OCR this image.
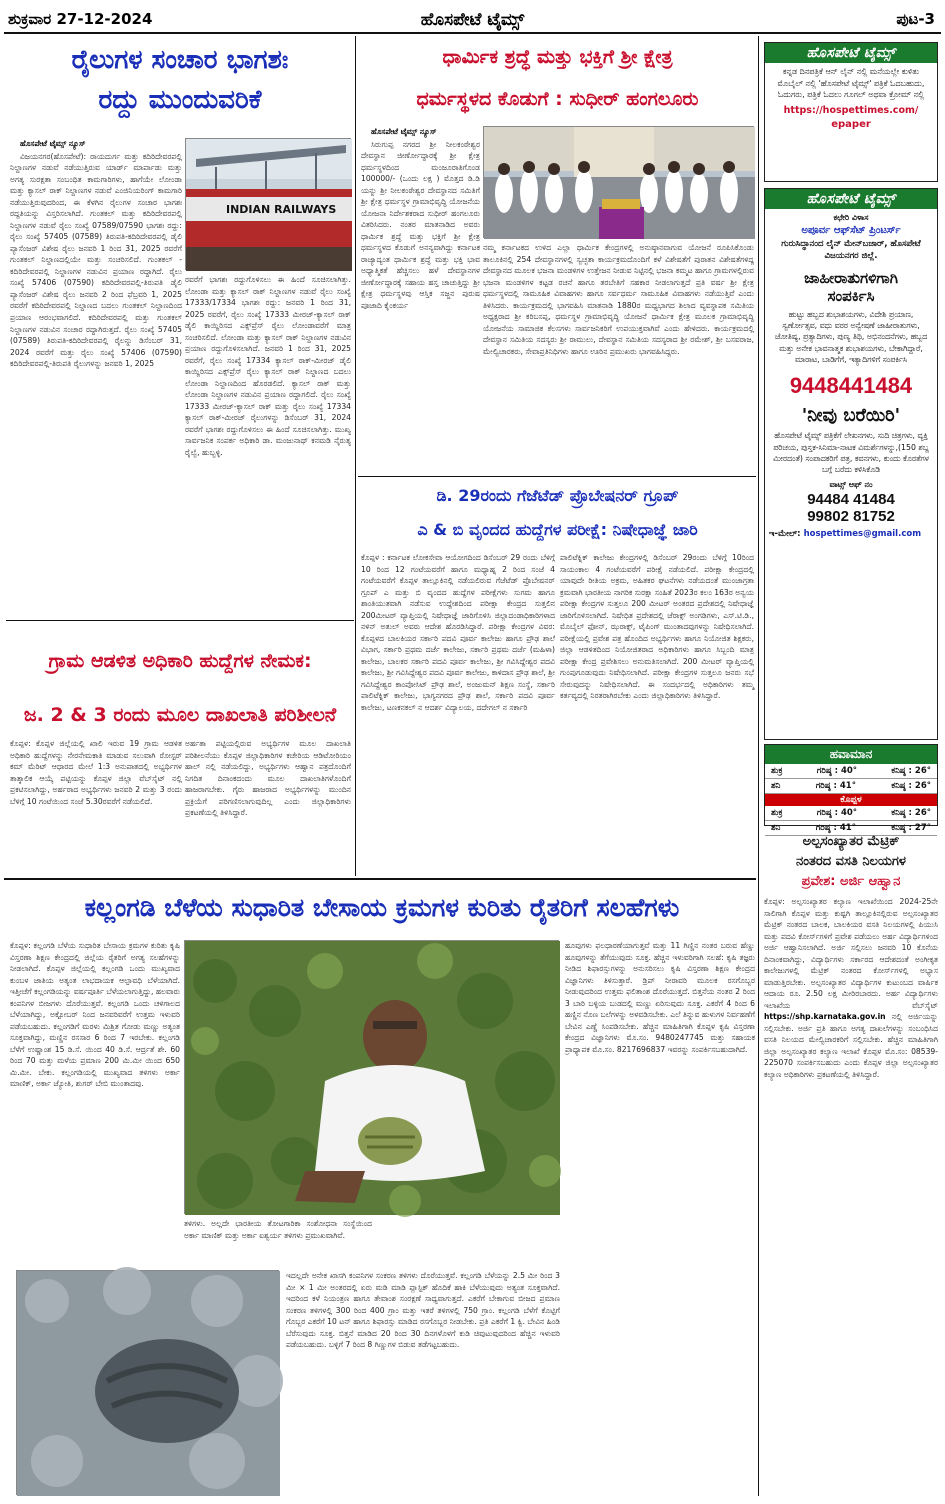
ಶುಕ್ರವಾರ 27-12-2024	ಹೊಸಪೇಟೆ ಟೈಮ್ಸ್	ಪುಟ-3
ರೈಲುಗಳ ಸಂಚಾರ ಭಾಗಶಃ
ರದ್ದು ಮುಂದುವರಿಕೆ
INDIAN RAILWAYS

ಹೊಸಪೇಟೆ ಟೈಮ್ಸ್ ನ್ಯೂಸ್

ವಿಜಯನಗರ(ಹೊಸಪೇಟೆ): ರಾಯದುರ್ಗ ಮತ್ತು ಕದಿರಿದೇವರಪಲ್ಲಿ ನಿಲ್ದಾಣಗಳ ನಡುವೆ ನಡೆಯುತ್ತಿರುವ ಯಾರ್ಡ್ ಮಾರ್ಪಾಡು ಮತ್ತು ಅಗತ್ಯ ಸುರಕ್ಷತಾ ಸಂಬಂಧಿತ ಕಾಮಗಾರಿಗಳು, ಹಾಗೆಯೇ ಲೋಂಡಾ ಮತ್ತು ಕ್ಯಾಸಲ್ ರಾಕ್ ನಿಲ್ದಾಣಗಳ ನಡುವೆ ಎಂಜಿನಿಯರಿಂಗ್ ಕಾಮಗಾರಿ ನಡೆಯುತ್ತಿರುವುದರಿಂದ, ಈ ಕೆಳಗಿನ ರೈಲುಗಳ ಸಂಚಾರ ಭಾಗಶಃ ರದ್ದತಿಯನ್ನು ವಿಸ್ತರಿಸಲಾಗಿದೆ. ಗುಂತಕಲ್ ಮತ್ತು ಕದಿರಿದೇವರಪಲ್ಲಿ ನಿಲ್ದಾಣಗಳ ನಡುವೆ ರೈಲು ಸಂಖ್ಯೆ 07589/07590 ಭಾಗಶಃ ರದ್ದು: ರೈಲು ಸಂಖ್ಯೆ 57405 (07589) ತಿರುಪತಿ-ಕದಿರಿದೇವರಪಲ್ಲಿ ಡೈಲಿ ಪ್ಯಾಸೆಂಜರ್ ವಿಶೇಷ ರೈಲು ಜನವರಿ 1 ರಿಂದ 31, 2025 ರವರೆಗೆ ಗುಂತಕಲ್ ನಿಲ್ದಾಣದಲ್ಲಿಯೇ ಮತ್ತು ಸಂಚರಿಸಲಿದೆ. ಗುಂತಕಲ್ - ಕದಿರಿದೇವರಪಲ್ಲಿ ನಿಲ್ದಾಣಗಳ ನಡುವಿನ ಪ್ರಯಾಣ ರದ್ದಾಗಿದೆ. ರೈಲು ಸಂಖ್ಯೆ 57406 (07590) ಕದಿರಿದೇವರಪಲ್ಲಿ-ತಿರುಪತಿ ಡೈಲಿ ಪ್ಯಾಸೆಂಜರ್ ವಿಶೇಷ ರೈಲು ಜನವರಿ 2 ರಿಂದ ಫೆಬ್ರವರಿ 1, 2025 ರವರೆಗೆ ಕದಿರಿದೇವರಪಲ್ಲಿ ನಿಲ್ದಾಣದ ಬದಲು ಗುಂತಕಲ್ ನಿಲ್ದಾಣದಿಂದ ಪ್ರಯಾಣ ಆರಂಭವಾಗಲಿದೆ. ಕದಿರಿದೇವರಪಲ್ಲಿ ಮತ್ತು ಗುಂತಕಲ್ ನಿಲ್ದಾಣಗಳ ನಡುವಿನ ಸಂಚಾರ ರದ್ದಾಗಿರುತ್ತದೆ. ರೈಲು ಸಂಖ್ಯೆ 57405 (07589) ತಿರುಪತಿ-ಕದಿರಿದೇವರಪಲ್ಲಿ ರೈಲನ್ನು ಡಿಸೆಂಬರ್ 31, 2024 ರವರೆಗೆ ಮತ್ತು ರೈಲು ಸಂಖ್ಯೆ 57406 (07590) ಕದಿರಿದೇವರಪಲ್ಲಿ-ತಿರುಪತಿ ರೈಲುಗಳನ್ನು ಜನವರಿ 1, 2025

ರವರೆಗೆ ಭಾಗಶಃ ರದ್ದುಗೊಳಿಸಲು ಈ ಹಿಂದೆ ಸೂಚಿಸಲಾಗಿತ್ತು. ಲೋಂಡಾ ಮತ್ತು ಕ್ಯಾಸಲ್ ರಾಕ್ ನಿಲ್ದಾಣಗಳ ನಡುವೆ ರೈಲು ಸಂಖ್ಯೆ 17333/17334 ಭಾಗಶಃ ರದ್ದು: ಜನವರಿ 1 ರಿಂದ 31, 2025 ರವರೆಗೆ, ರೈಲು ಸಂಖ್ಯೆ 17333 ಮೀರಜ್-ಕ್ಯಾಸಲ್ ರಾಕ್ ಡೈಲಿ ಕಾಯ್ದಿರಿಸದ ಎಕ್ಸ್‌ಪ್ರೆಸ್ ರೈಲು ಲೋಂಡಾವರೆಗೆ ಮಾತ್ರ ಸಂಚರಿಸಲಿದೆ. ಲೋಂಡಾ ಮತ್ತು ಕ್ಯಾಸಲ್ ರಾಕ್ ನಿಲ್ದಾಣಗಳ ನಡುವಿನ ಪ್ರಯಾಣ ರದ್ದುಗೊಳಿಸಲಾಗಿದೆ. ಜನವರಿ 1 ರಿಂದ 31, 2025 ರವರೆಗೆ, ರೈಲು ಸಂಖ್ಯೆ 17334 ಕ್ಯಾಸಲ್ ರಾಕ್-ಮೀರಜ್ ಡೈಲಿ ಕಾಯ್ದಿರಿಸದ ಎಕ್ಸ್‌ಪ್ರೆಸ್ ರೈಲು ಕ್ಯಾಸಲ್ ರಾಕ್ ನಿಲ್ದಾಣದ ಬದಲು ಲೋಂಡಾ ನಿಲ್ದಾಣದಿಂದ ಹೊರಡಲಿದೆ. ಕ್ಯಾಸಲ್ ರಾಕ್ ಮತ್ತು ಲೋಂಡಾ ನಿಲ್ದಾಣಗಳ ನಡುವಿನ ಪ್ರಯಾಣ ರದ್ದಾಗಲಿದೆ. ರೈಲು ಸಂಖ್ಯೆ 17333 ಮೀರಜ್-ಕ್ಯಾಸಲ್ ರಾಕ್ ಮತ್ತು ರೈಲು ಸಂಖ್ಯೆ 17334 ಕ್ಯಾಸಲ್ ರಾಕ್-ಮೀರಜ್ ರೈಲುಗಳನ್ನು ಡಿಸೆಂಬರ್ 31, 2024 ರವರೆಗೆ ಭಾಗಶಃ ರದ್ದುಗೊಳಿಸಲು ಈ ಹಿಂದೆ ಸೂಚಿಸಲಾಗಿತ್ತು. ಮುಖ್ಯ ಸಾರ್ವಜನಿಕ ಸಂಪರ್ಕ ಅಧಿಕಾರಿ ಡಾ. ಮಂಜುನಾಥ್ ಕನಮಡಿ ನೈರುತ್ಯ ರೈಲ್ವೆ, ಹುಬ್ಬಳ್ಳಿ.
ಗ್ರಾಮ ಆಡಳಿತ ಅಧಿಕಾರಿ ಹುದ್ದೆಗಳ ನೇಮಕ:
ಜ. 2 & 3 ರಂದು ಮೂಲ ದಾಖಲಾತಿ ಪರಿಶೀಲನೆ
ಕೊಪ್ಪಳ: ಕೊಪ್ಪಳ ಜಿಲ್ಲೆಯಲ್ಲಿ ಖಾಲಿ ಇರುವ 19 ಗ್ರಾಮ ಆಡಳಿತ ಅಧಿಕಾರಿ ಹುದ್ದೆಗಳನ್ನು ನೇರನೇಮಕಾತಿ ಮಾಡುವ ಸಲುವಾಗಿ ರೋಸ್ಟರ್ ಕಮ್ ಮೆರಿಟ್ ಆಧಾರದ ಮೇಲೆ 1:3 ಅನುಪಾತದಲ್ಲಿ ಅಭ್ಯರ್ಥಿಗಳ ತಾತ್ಕಾಲಿಕ ಆಯ್ಕೆ ಪಟ್ಟಿಯನ್ನು ಕೊಪ್ಪಳ ಜಿಲ್ಲಾ ವೆಬ್‌ಸೈಟ್ ನಲ್ಲಿ ಪ್ರಕಟಿಸಲಾಗಿದ್ದು, ಅರ್ಹರಾದ ಅಭ್ಯರ್ಥಿಗಳು ಜನವರಿ 2 ಮತ್ತು 3 ರಂದು ಬೆಳಿಗ್ಗೆ 10 ಗಂಟೆಯಿಂದ ಸಂಜೆ 5.30ರವರೆಗೆ ನಡೆಯಲಿದೆ.
ಅರ್ಹತಾ ಪಟ್ಟಿಯಲ್ಲಿರುವ ಅಭ್ಯರ್ಥಿಗಳ ಮೂಲ ದಾಖಲಾತಿ ಪರಿಶೀಲನೆಯು ಕೊಪ್ಪಳ ಜಿಲ್ಲಾಧಿಕಾರಿಗಳ ಕಚೇರಿಯ ಆಡಿಟೋರಿಯಂ ಹಾಲ್ ನಲ್ಲಿ ನಡೆಯಲಿದ್ದು, ಅಭ್ಯರ್ಥಿಗಳು ಆಹ್ವಾನ ಪತ್ರದೊಂದಿಗೆ ನಿಗದಿತ ದಿನಾಂಕದಂದು ಮೂಲ ದಾಖಲಾತಿಗಳೊಂದಿಗೆ ಹಾಜರಾಗಬೇಕು. ಗೈರು ಹಾಜರಾದ ಅಭ್ಯರ್ಥಿಗಳನ್ನು ಮುಂದಿನ ಪ್ರಕ್ರಿಯೆಗೆ ಪರಿಗಣಿಸಲಾಗುವುದಿಲ್ಲ ಎಂದು ಜಿಲ್ಲಾಧಿಕಾರಿಗಳು ಪ್ರಕಟಣೆಯಲ್ಲಿ ತಿಳಿಸಿದ್ದಾರೆ.
ಧಾರ್ಮಿಕ ಶ್ರದ್ಧೆ ಮತ್ತು ಭಕ್ತಿಗೆ ಶ್ರೀ ಕ್ಷೇತ್ರ
ಧರ್ಮಸ್ಥಳದ ಕೊಡುಗೆ : ಸುಧೀರ್ ಹಂಗಲೂರು

ಹೊಸಪೇಟೆ ಟೈಮ್ಸ್ ನ್ಯೂಸ್

ಸಿರುಗುಪ್ಪ ನಗರದ ಶ್ರೀ ನೀಲಕಂಠೇಶ್ವರ ದೇವಸ್ಥಾನ ಜೀರ್ಣೋದ್ಧಾರಕ್ಕೆ ಶ್ರೀ ಕ್ಷೇತ್ರ ಧರ್ಮಸ್ಥಳದಿಂದ ಮಂಜೂರಾತಿಗೊಂಡ 100000/- (ಒಂದು ಲಕ್ಷ ) ಮೊತ್ತದ ಡಿ.ಡಿ ಯನ್ನು ಶ್ರೀ ನೀಲಕಂಠೇಶ್ವರ ದೇವಸ್ಥಾನದ ಸಮಿತಿಗೆ ಶ್ರೀ ಕ್ಷೇತ್ರ ಧರ್ಮಸ್ಥಳ ಗ್ರಾಮಾಭಿವೃದ್ಧಿ ಯೋಜನೆಯ ಯೋಜನಾ ನಿರ್ದೇಶಕರಾದ ಸುಧೀರ್ ಹಂಗಲೂರು ವಿತರಿಸಿದರು. ನಂತರ ಮಾತನಾಡಿದ ಅವರು ಧಾರ್ಮಿಕ ಶ್ರದ್ಧೆ ಮತ್ತು ಭಕ್ತಿಗೆ ಶ್ರೀ ಕ್ಷೇತ್ರ ಧರ್ಮಸ್ಥಳದ ಕೊಡುಗೆ ಅನನ್ಯವಾಗಿದ್ದು ಕರ್ನಾಟಕ ರಾಜ್ಯಾದ್ಯಂತ ಧಾರ್ಮಿಕ ಶ್ರದ್ಧೆ ಮತ್ತು ಭಕ್ತಿ ಭಾವ ಅಧ್ಯಾತ್ಮಿಕತೆ ಹೆಚ್ಚಿಸಲು ಹಳೆ ದೇವಸ್ಥಾನಗಳ ಜೀರ್ಣೋದ್ಧಾರಕ್ಕೆ ಸಹಾಯ ಹಸ್ತ ಚಾಚುತ್ತಿದ್ದು ಶ್ರೀ ಕ್ಷೇತ್ರ ಧರ್ಮಸ್ಥಳವು ಆಸ್ತಿಕ ಸಜ್ಜನ ಪುರುಷ ಪೂಜಾದಿ ಕೈಂಕರ್ಯ

ನಮ್ಮ ಕರ್ನಾಟಕದ ಉಳಿದ ಎಲ್ಲಾ ಧಾರ್ಮಿಕ ಕೇಂದ್ರಗಳಲ್ಲಿ ಅನುಷ್ಠಾನವಾಗುವ ಯೋಜನೆ ರೂಪಿಸಿಕೊಂಡು ತಾಲೂಕಿನಲ್ಲಿ 254 ದೇವಸ್ಥಾನಗಳಲ್ಲಿ ಸ್ವಚ್ಛತಾ ಕಾರ್ಯಕ್ರಮದೊಂದಿಗೆ ಕಳೆ ವಿಶೇಷತೆಗೆ ಪುರಾತನ ವಿಶೇಷತೆಗಳಿದ್ದ ದೇವಸ್ಥಾನದ ಮೂಲಕ ಭಜನಾ ಮಂಡಳಿಗಳ ಉತ್ತೇಜನ ನೀಡುವ ನಿಟ್ಟಿನಲ್ಲಿ ಭಜನಾ ಕಮ್ಮಟ ಹಾಗೂ ಗ್ರಾಮಗಳಲ್ಲಿರುವ ಭಜನಾ ಮಂಡಳಿಗಳ ಕಟ್ಟಡ ರಚನೆ ಹಾಗೂ ತರಬೇತಿಗೆ ಸಹಕಾರ ನೀಡಲಾಗುತ್ತದೆ ಪ್ರತಿ ವರ್ಷ ಶ್ರೀ ಕ್ಷೇತ್ರ ಧರ್ಮಸ್ಥಳದಲ್ಲಿ ಸಾಮೂಹಿಕ ವಿವಾಹಗಳು ಹಾಗೂ ಸರ್ವಧರ್ಮ ಸಾಮೂಹಿಕ ವಿವಾಹಗಳು ನಡೆಯುತ್ತಿವೆ ಎಂದು ತಿಳಿಸಿದರು. ಕಾರ್ಯಕ್ರಮದಲ್ಲಿ ಭಾಗವಹಿಸಿ ಮಾತನಾಡಿ 1880ರ ಮಧ್ಯಭಾಗದ ಶಿಲಾದ ವ್ಯವಸ್ಥಾಪಕ ಸಮಿತಿಯ ಅಧ್ಯಕ್ಷರಾದ ಶ್ರೀ ಕರಿಬಸಪ್ಪ, ಧರ್ಮಸ್ಥಳ ಗ್ರಾಮಾಭಿವೃದ್ಧಿ ಯೋಜನೆ ಧಾರ್ಮಿಕ ಕ್ಷೇತ್ರ ಮೂಲಕ ಗ್ರಾಮಾಭಿವೃದ್ಧಿ ಯೋಜನೆಯ ಸಾಮಾಜಿಕ ಕೆಲಸಗಳು ಸಾರ್ವಜನಿಕರಿಗೆ ಉಪಯುಕ್ತವಾಗಿವೆ ಎಂದು ಹೇಳಿದರು. ಕಾರ್ಯಕ್ರಮದಲ್ಲಿ ದೇವಸ್ಥಾನ ಸಮಿತಿಯ ಸದಸ್ಯರು ಶ್ರೀ ರಾಮುಲು, ದೇವಸ್ಥಾನ ಸಮಿತಿಯ ಸದಸ್ಯರಾದ ಶ್ರೀ ರಮೇಶ್, ಶ್ರೀ ಬಸವರಾಜ, ಮೇಲ್ವಿಚಾರಕರು, ಸೇವಾಪ್ರತಿನಿಧಿಗಳು ಹಾಗೂ ಊರಿನ ಪ್ರಮುಖರು ಭಾಗವಹಿಸಿದ್ದರು.
ಡಿ. 29ರಂದು ಗೆಜೆಟೆಡ್ ಪ್ರೊಬೇಷನರ್ ಗ್ರೂಪ್
ಎ & ಬಿ ವೃಂದದ ಹುದ್ದೆಗಳ ಪರೀಕ್ಷೆ: ನಿಷೇಧಾಜ್ಞೆ ಜಾರಿ
ಕೊಪ್ಪಳ : ಕರ್ನಾಟಕ ಲೋಕಸೇವಾ ಆಯೋಗದಿಂದ ಡಿಸೆಂಬರ್ 29 ರಂದು ಬೆಳಿಗ್ಗೆ 10 ರಿಂದ 12 ಗಂಟೆಯವರೆಗೆ ಹಾಗೂ ಮಧ್ಯಾಹ್ನ 2 ರಿಂದ ಸಂಜೆ 4 ಗಂಟೆಯವರೆಗೆ ಕೊಪ್ಪಳ ತಾಲ್ಲೂಕಿನಲ್ಲಿ ನಡೆಯಲಿರುವ ಗೆಜೆಟೆಡ್ ಪ್ರೊಬೇಷನರ್ ಗ್ರೂಪ್ ಎ ಮತ್ತು ಬಿ ವೃಂದದ ಹುದ್ದೆಗಳ ಪರೀಕ್ಷೆಗಳು ಸುಗಮ ಹಾಗೂ ಶಾಂತಿಯುತವಾಗಿ ನಡೆಸುವ ಉದ್ದೇಶದಿಂದ ಪರೀಕ್ಷಾ ಕೇಂದ್ರದ ಸುತ್ತಲಿನ 200ಮೀಟರ್ ವ್ಯಾಪ್ತಿಯಲ್ಲಿ ನಿಷೇಧಾಜ್ಞೆ ಜಾರಿಗೊಳಿಸಿ ಜಿಲ್ಲಾದಂಡಾಧಿಕಾರಿಗಳಾದ ನಳಿನ್ ಅತುಲ್ ಅವರು ಆದೇಶ ಹೊರಡಿಸಿದ್ದಾರೆ. ಪರೀಕ್ಷಾ ಕೇಂದ್ರಗಳ ವಿವರ: ಕೊಪ್ಪಳದ ಬಾಲಕಿಯರ ಸರ್ಕಾರಿ ಪದವಿ ಪೂರ್ವ ಕಾಲೇಜು ಹಾಗೂ ಪ್ರೌಢ ಶಾಲೆ ವಿಭಾಗ, ಸರ್ಕಾರಿ ಪ್ರಥಮ ದರ್ಜೆ ಕಾಲೇಜು, ಸರ್ಕಾರಿ ಪ್ರಥಮ ದರ್ಜೆ (ಮಹಿಳಾ) ಕಾಲೇಜು, ಬಾಲಕರ ಸರ್ಕಾರಿ ಪದವಿ ಪೂರ್ವ ಕಾಲೇಜು, ಶ್ರೀ ಗವಿಸಿದ್ದೇಶ್ವರ ಪದವಿ ಕಾಲೇಜು, ಶ್ರೀ ಗವಿಸಿದ್ದೇಶ್ವರ ಪದವಿ ಪೂರ್ವ ಕಾಲೇಜು, ಕಾಳಿದಾಸ ಪ್ರೌಢ ಶಾಲೆ, ಶ್ರೀ ಗವಿಸಿದ್ದೇಶ್ವರ ಕಾಂಪೋಸಿಟ್ ಪ್ರೌಢ ಶಾಲೆ, ಅಂಜುಮನ್ ಶಿಕ್ಷಣ ಸಂಸ್ಥೆ, ಸರ್ಕಾರಿ ಪಾಲಿಟೆಕ್ನಿಕ್ ಕಾಲೇಜು, ಭಾಗ್ಯನಗರದ ಪ್ರೌಢ ಶಾಲೆ, ಸರ್ಕಾರಿ ಪದವಿ ಪೂರ್ವ ಕಾಲೇಜು, ಟಣಕನಕಲ್ ನ ಆದರ್ಶ ವಿದ್ಯಾಲಯ, ದದೇಗಲ್ ನ ಸರ್ಕಾರಿ
ಪಾಲಿಟೆಕ್ನಿಕ್ ಕಾಲೇಜು ಕೇಂದ್ರಗಳಲ್ಲಿ ಡಿಸೆಂಬರ್ 29ರಂದು ಬೆಳಿಗ್ಗೆ 10ರಿಂದ ಸಾಯಂಕಾಲ 4 ಗಂಟೆಯವರೆಗೆ ಪರೀಕ್ಷೆ ನಡೆಯಲಿದೆ. ಪರೀಕ್ಷಾ ಕೇಂದ್ರದಲ್ಲಿ ಯಾವುದೇ ರೀತಿಯ ಅಕ್ರಮ, ಅಹಿತಕರ ಘಟನೆಗಳು ನಡೆಯದಂತೆ ಮುಂಜಾಗ್ರತಾ ಕ್ರಮವಾಗಿ ಭಾರತೀಯ ನಾಗರಿಕ ಸುರಕ್ಷಾ ಸಂಹಿತೆ 2023ರ ಕಲಂ 163ರ ಅನ್ವಯ ಪರೀಕ್ಷಾ ಕೇಂದ್ರಗಳ ಸುತ್ತಲೂ 200 ಮೀಟರ್ ಅಂತರದ ಪ್ರದೇಶದಲ್ಲಿ ನಿಷೇಧಾಜ್ಞೆ ಜಾರಿಗೊಳಿಸಲಾಗಿದೆ. ನಿಷೇಧಿತ ಪ್ರದೇಶದಲ್ಲಿ ಜೆರಾಕ್ಸ್ ಅಂಗಡಿಗಳು, ಎಸ್.ಟಿ.ಡಿ., ಮೊಬೈಲ್ ಫೋನ್, ಝರಾಕ್ಸ್, ಟೈಪಿಂಗ್ ಮುಂತಾದವುಗಳನ್ನು ನಿಷೇಧಿಸಲಾಗಿದೆ. ಪರೀಕ್ಷೆಯಲ್ಲಿ ಪ್ರವೇಶ ಪತ್ರ ಹೊಂದಿದ ಅಭ್ಯರ್ಥಿಗಳು ಹಾಗೂ ನಿಯೋಜಿತ ಶಿಕ್ಷಕರು, ಜಿಲ್ಲಾ ಆಡಳಿತದಿಂದ ನಿಯೋಜಿತರಾದ ಅಧಿಕಾರಿಗಳು ಹಾಗೂ ಸಿಬ್ಬಂದಿ ಮಾತ್ರ ಪರೀಕ್ಷಾ ಕೇಂದ್ರ ಪ್ರವೇಶಿಸಲು ಅನುಮತಿಸಲಾಗಿದೆ. 200 ಮೀಟರ್ ವ್ಯಾಪ್ತಿಯಲ್ಲಿ ಗುಂಪುಗೂಡುವುದು ನಿಷೇಧಿಸಲಾಗಿದೆ. ಪರೀಕ್ಷಾ ಕೇಂದ್ರಗಳ ಸುತ್ತಲೂ ಜನರು ಸಭೆ ಸೇರುವುದನ್ನು ನಿಷೇಧಿಸಲಾಗಿದೆ. ಈ ಸಂದರ್ಭದಲ್ಲಿ ಅಧಿಕಾರಿಗಳು ತಮ್ಮ ಕರ್ತವ್ಯದಲ್ಲಿ ನಿರತರಾಗಿರಬೇಕು ಎಂದು ಜಿಲ್ಲಾಧಿಕಾರಿಗಳು ತಿಳಿಸಿದ್ದಾರೆ.
ಕಲ್ಲಂಗಡಿ ಬೆಳೆಯ ಸುಧಾರಿತ ಬೇಸಾಯ ಕ್ರಮಗಳ ಕುರಿತು ರೈತರಿಗೆ ಸಲಹೆಗಳು
ಕೊಪ್ಪಳ: ಕಲ್ಲಂಗಡಿ ಬೆಳೆಯ ಸುಧಾರಿತ ಬೇಸಾಯ ಕ್ರಮಗಳ ಕುರಿತು ಕೃಷಿ ವಿಸ್ತರಣಾ ಶಿಕ್ಷಣ ಕೇಂದ್ರದಲ್ಲಿ ಜಿಲ್ಲೆಯ ರೈತರಿಗೆ ಅಗತ್ಯ ಸಲಹೆಗಳನ್ನು ನೀಡಲಾಗಿದೆ. ಕೊಪ್ಪಳ ಜಿಲ್ಲೆಯಲ್ಲಿ ಕಲ್ಲಂಗಡಿ ಒಂದು ಮುಖ್ಯವಾದ ಕುಂಬಳ ಜಾತಿಯ ಅತ್ಯಂತ ಲಾಭದಾಯಕ ಆಲ್ಪಾವಧಿ ಬೆಳೆಯಾಗಿದೆ. ಇತ್ತೀಚೆಗೆ ಕಲ್ಲಂಗಡಿಯನ್ನು ವರ್ಷಪೂರ್ತಿ ಬೆಳೆಯಲಾಗುತ್ತಿದ್ದು, ಹಲವಾರು ಕಂಪನಿಗಳ ಬೀಜಗಳು ದೊರೆಯುತ್ತವೆ. ಕಲ್ಲಂಗಡಿ ಒಂದು ಚಳಿಗಾಲದ ಬೆಳೆಯಾಗಿದ್ದು, ಅಕ್ಟೋಬರ್ ನಿಂದ ಜನವರಿವರೆಗೆ ಉತ್ತಮ ಇಳುವರಿ ಪಡೆಯಬಹುದು. ಕಲ್ಲಂಗಡಿಗೆ ಮರಳು ಮಿಶ್ರಿತ ಗೋಡು ಮಣ್ಣು ಅತ್ಯಂತ ಸೂಕ್ತವಾಗಿದ್ದು, ಮಣ್ಣಿನ ರಸಸಾರ 6 ರಿಂದ 7 ಇರಬೇಕು. ಕಲ್ಲಂಗಡಿ ಬೆಳೆಗೆ ಉಷ್ಣಾಂಶ 15 ಡಿ.ಸೆ. ಯಿಂದ 40 ಡಿ.ಸೆ. ಆರ್ದ್ರತೆ ಶೇ. 60 ರಿಂದ 70 ಮತ್ತು ಮಳೆಯ ಪ್ರಮಾಣ 200 ಮಿ.ಮೀ ಯಿಂದ 650 ಮಿ.ಮೀ. ಬೇಕು. ಕಲ್ಲಂಗಡಿಯಲ್ಲಿ ಮುಖ್ಯವಾದ ತಳಿಗಳು ಅರ್ಕಾ ಮಾಣಿಕ್, ಅರ್ಕಾ ಜ್ಯೋತಿ, ಶುಗರ್ ಬೇಬಿ ಮುಂತಾದವು.
ತಳಿಗಳು. ಅಲ್ಲದೇ ಭಾರತೀಯ ತೋಟಗಾರಿಕಾ ಸಂಶೋಧನಾ ಸಂಸ್ಥೆಯಿಂದ ಅರ್ಕಾ ಮಾಣಿಕ್ ಮತ್ತು ಅರ್ಕಾ ಐಶ್ವರ್ಯ ತಳಿಗಳು ಪ್ರಮುಖವಾಗಿವೆ.
ಇದಲ್ಲದೇ ಅನೇಕ ಖಾಸಗಿ ಕಂಪನಿಗಳ ಸಂಕರಣ ತಳಿಗಳು ದೊರೆಯುತ್ತವೆ. ಕಲ್ಲಂಗಡಿ ಬೆಳೆಯನ್ನು 2.5 ಮೀ ರಿಂದ 3 ಮೀ × 1 ಮೀ ಅಂತರದಲ್ಲಿ ಏರು ಮಡಿ ಮಾಡಿ ಪ್ಲಾಸ್ಟಿಕ್ ಹೊದಿಕೆ ಹಾಕಿ ಬೆಳೆಯುವುದು ಅತ್ಯಂತ ಸೂಕ್ತವಾಗಿದೆ. ಇದರಿಂದ ಕಳೆ ನಿಯಂತ್ರಣ ಹಾಗೂ ತೇವಾಂಶ ಸಂರಕ್ಷಣೆ ಸಾಧ್ಯವಾಗುತ್ತದೆ. ಎಕರೆಗೆ ಬೇಕಾಗುವ ಬೀಜದ ಪ್ರಮಾಣ ಸಂಕರಣ ತಳಿಗಳಲ್ಲಿ 300 ರಿಂದ 400 ಗ್ರಾಂ ಮತ್ತು ಇತರೆ ತಳಿಗಳಲ್ಲಿ 750 ಗ್ರಾಂ. ಕಲ್ಲಂಗಡಿ ಬೆಳೆಗೆ ಕೊಟ್ಟಿಗೆ ಗೊಬ್ಬರ ಎಕರೆಗೆ 10 ಟನ್ ಹಾಗೂ ಶಿಫಾರಸ್ಸು ಮಾಡಿದ ರಸಗೊಬ್ಬರ ನೀಡಬೇಕು. ಪ್ರತಿ ಎಕರೆಗೆ 1 ಕ್ವಿ. ಬೇವಿನ ಹಿಂಡಿ ಬೆರೆಸುವುದು ಸೂಕ್ತ. ಬಿತ್ತನೆ ಮಾಡಿದ 20 ರಿಂದ 30 ದಿನಗಳೊಳಗೆ ಕುಡಿ ಚಿವುಟುವುದರಿಂದ ಹೆಚ್ಚಿನ ಇಳುವರಿ ಪಡೆಯಬಹುದು. ಬಳ್ಳಿಗೆ 7 ರಿಂದ 8 ಗಿಣ್ಣುಗಳ ಬಿಡುವ ತಡೆಗಟ್ಟಬಹುದು.
ಹೂವುಗಳು ಫಲಧಾರಣೆಯಾಗುತ್ತವೆ ಮತ್ತು 11 ಗಿಣ್ಣಿನ ನಂತರ ಬರುವ ಹೆಣ್ಣು ಹೂವುಗಳನ್ನು ತೆಗೆಯುವುದು ಸೂಕ್ತ. ಹೆಚ್ಚಿನ ಇಳುವರಿಗಾಗಿ ಸಲಹೆ: ಕೃಷಿ ತಜ್ಞರು ನೀಡಿದ ಶಿಫಾರಸ್ಸುಗಳನ್ನು ಅನುಸರಿಸಲು ಕೃಷಿ ವಿಸ್ತರಣಾ ಶಿಕ್ಷಣ ಕೇಂದ್ರದ ವಿಜ್ಞಾನಿಗಳು ತಿಳಿಸುತ್ತಾರೆ. ಡ್ರಿಪ್ ನೀರಾವರಿ ಮೂಲಕ ರಸಗೊಬ್ಬರ ನೀಡುವುದರಿಂದ ಉತ್ತಮ ಫಲಿತಾಂಶ ದೊರೆಯುತ್ತದೆ. ಬಿತ್ತನೆಯ ನಂತರ 2 ರಿಂದ 3 ಬಾರಿ ಬಳ್ಳಿಯ ಬುಡದಲ್ಲಿ ಮಣ್ಣು ಏರಿಸುವುದು ಸೂಕ್ತ. ಎಕರೆಗೆ 4 ರಿಂದ 6 ಹಣ್ಣಿನ ನೊಣ ಬಲೆಗಳನ್ನು ಅಳವಡಿಸಬೇಕು. ಎಲೆ ತಿನ್ನುವ ಹುಳುಗಳ ನಿರ್ವಹಣೆಗೆ ಬೇವಿನ ಎಣ್ಣೆ ಸಿಂಪಡಿಸಬೇಕು. ಹೆಚ್ಚಿನ ಮಾಹಿತಿಗಾಗಿ ಕೊಪ್ಪಳ ಕೃಷಿ ವಿಸ್ತರಣಾ ಕೇಂದ್ರದ ವಿಜ್ಞಾನಿಗಳು ಮೊ.ಸಂ. 9480247745 ಮತ್ತು ಸಹಾಯಕ ಪ್ರಾಧ್ಯಾಪಕ ಮೊ.ಸಂ. 8217696837 ಇವರನ್ನು ಸಂಪರ್ಕಿಸಬಹುದಾಗಿದೆ.
ಹೊಸಪೇಟೆ ಟೈಮ್ಸ್
ಕನ್ನಡ ದಿನಪತ್ರಿಕೆ ಆನ್ ಲೈನ್ ನಲ್ಲಿ ಮನೆಯಲ್ಲೇ ಕುಳಿತು ಮೊಬೈಲ್ ನಲ್ಲಿ 'ಹೊಸಪೇಟೆ ಟೈಮ್ಸ್' ಪತ್ರಿಕೆ ಓದಬಹುದು, ಓದುಗರು, ಪತ್ರಿಕೆ ಓದಲು ಗೂಗಲ್ ಅಥವಾ ಕ್ರೋಮ್ ನಲ್ಲಿ
https://hospettimes.com/
epaper
ಹೊಸಪೇಟೆ ಟೈಮ್ಸ್
ಕಛೇರಿ ವಿಳಾಸ
ಅಪೂರ್ವ ಆಫ್‌ಸೆಟ್ ಪ್ರಿಂಟರ್ಸ್
ಗುರುಸಿದ್ಧಾನಂದ ಲೈನ್ ಮೇನ್‌ಬಜಾರ್, ಹೊಸಪೇಟೆ ವಿಜಯನಗರ ಜಿಲ್ಲೆ.
ಜಾಹೀರಾತುಗಳಿಗಾಗಿ
ಸಂಪರ್ಕಿಸಿ
ಹುಟ್ಟು ಹಬ್ಬದ ಶುಭಾಶಯಗಳು, ವಿದೇಶಿ ಪ್ರಯಾಣ, ಸ್ವರ್ಣೋತ್ಸವ, ವಧು ವರರ ಅನ್ವೇಷಣೆ ಜಾಹೀರಾತುಗಳು, ಜೋತಿಷ್ಯ, ಪ್ರತ್ಯಾದಿಗಳು, ಪುಣ್ಯ ತಿಥಿ, ಅಭಿನಂದನೆಗಳು, ಹಬ್ಬದ ಮತ್ತು ಅನೇಕ ಭಾವನಾತ್ಮಕ ಶುಭಾಶಯಗಳು, ಬೇಕಾಗಿದ್ದಾರೆ, ಮಾರಾಟ, ಬಾಡಿಗೆಗೆ, ಇತ್ಯಾದಿಗಳಿಗೆ ಸಂಪರ್ಕಿಸಿ
9448441484
'ನೀವು ಬರೆಯಿರಿ'
ಹೊಸಪೇಟೆ ಟೈಮ್ಸ್ ಪತ್ರಿಕೆಗೆ ಲೇಖನಗಳು, ಸುದಿ ಚಿತ್ರಗಳು, ವ್ಯಕ್ತಿ ಪರಿಚಯ, ಪುಸ್ತಕ-ಸಿನಿಮಾ-ನಾಟಕ ವಿಮರ್ಶೆಗಳನ್ನು,(150 ಶಬ್ದ ಮೀರದಂತೆ) ಸಂಪಾದಕರಿಗೆ ಪತ್ರ, ಕವನಗಳು, ಕುಂದು ಕೊರತೆಗಳ ಬಗ್ಗೆ ಬರೆದು ಕಳಿಸಿಕೊಡಿ
ವಾಟ್ಸ್ ಆಫ್ ನಂ
94484 41484
99802 81752
ಇ-ಮೇಲ್: hospettimes@gmail.com
ಹವಾಮಾನ
ಶುಕ್ರ	ಗರಿಷ್ಠ : 40°	ಕನಿಷ್ಠ : 26°
ಶನಿ	ಗರಿಷ್ಠ : 41°	ಕನಿಷ್ಠ : 26°
ಕೊಪ್ಪಳ
ಶುಕ್ರ	ಗರಿಷ್ಠ : 40°	ಕನಿಷ್ಠ : 26°
ಶನಿ	ಗರಿಷ್ಠ : 41°	ಕನಿಷ್ಠ : 27°
ಅಲ್ಪಸಂಖ್ಯಾತರ ಮೆಟ್ರಿಕ್
ನಂತರದ ವಸತಿ ನಿಲಯಗಳ
ಪ್ರವೇಶ: ಅರ್ಜಿ ಆಹ್ವಾನ
ಕೊಪ್ಪಳ: ಅಲ್ಪಸಂಖ್ಯಾತರ ಕಲ್ಯಾಣ ಇಲಾಖೆಯಿಂದ 2024-25ನೇ ಸಾಲಿಗಾಗಿ ಕೊಪ್ಪಳ ಮತ್ತು ಕುಷ್ಟಗಿ ತಾಲ್ಲೂಕಿನಲ್ಲಿರುವ ಅಲ್ಪಸಂಖ್ಯಾತರ ಮೆಟ್ರಿಕ್ ನಂತರದ ಬಾಲಕ, ಬಾಲಕಿಯರ ವಸತಿ ನಿಲಯಗಳಲ್ಲಿ ಪಿಯುಸಿ ಮತ್ತು ಪದವಿ ಕೋರ್ಸ್‌ಗಳಿಗೆ ಪ್ರವೇಶ ಪಡೆಯಲು ಅರ್ಹ ವಿದ್ಯಾರ್ಥಿಗಳಿಂದ ಅರ್ಜಿ ಆಹ್ವಾನಿಸಲಾಗಿದೆ. ಅರ್ಜಿ ಸಲ್ಲಿಸಲು ಜನವರಿ 10 ಕೊನೆಯ ದಿನಾಂಕವಾಗಿದ್ದು, ವಿದ್ಯಾರ್ಥಿಗಳು ಸರ್ಕಾರದ ಆದೇಶದಂತೆ ಅಂಗೀಕೃತ ಕಾಲೇಜುಗಳಲ್ಲಿ ಮೆಟ್ರಿಕ್ ನಂತರದ ಕೋರ್ಸ್‌ಗಳಲ್ಲಿ ಅಭ್ಯಾಸ ಮಾಡುತ್ತಿರಬೇಕು. ಅಲ್ಪಸಂಖ್ಯಾತರ ವಿದ್ಯಾರ್ಥಿಗಳ ಕುಟುಂಬದ ವಾರ್ಷಿಕ ಆದಾಯ ರೂ. 2.50 ಲಕ್ಷ ಮೀರಿರಬಾರದು. ಅರ್ಹ ವಿದ್ಯಾರ್ಥಿಗಳು ಇಲಾಖೆಯ ವೆಬ್‌ಸೈಟ್ https://shp.karnataka.gov.in ನಲ್ಲಿ ಅರ್ಜಿಯನ್ನು ಸಲ್ಲಿಸಬೇಕು. ಅರ್ಜಿ ಪ್ರತಿ ಹಾಗೂ ಅಗತ್ಯ ದಾಖಲೆಗಳನ್ನು ಸಂಬಂಧಿಸಿದ ವಸತಿ ನಿಲಯದ ಮೇಲ್ವಿಚಾರಕರಿಗೆ ಸಲ್ಲಿಸಬೇಕು. ಹೆಚ್ಚಿನ ಮಾಹಿತಿಗಾಗಿ ಜಿಲ್ಲಾ ಅಲ್ಪಸಂಖ್ಯಾತರ ಕಲ್ಯಾಣ ಇಲಾಖೆ ಕೊಪ್ಪಳ ಮೊ.ಸಂ: 08539-225070 ಸಂಪರ್ಕಿಸಬಹುದು ಎಂದು ಕೊಪ್ಪಳ ಜಿಲ್ಲಾ ಅಲ್ಪಸಂಖ್ಯಾತರ ಕಲ್ಯಾಣ ಅಧಿಕಾರಿಗಳು ಪ್ರಕಟಣೆಯಲ್ಲಿ ತಿಳಿಸಿದ್ದಾರೆ.
